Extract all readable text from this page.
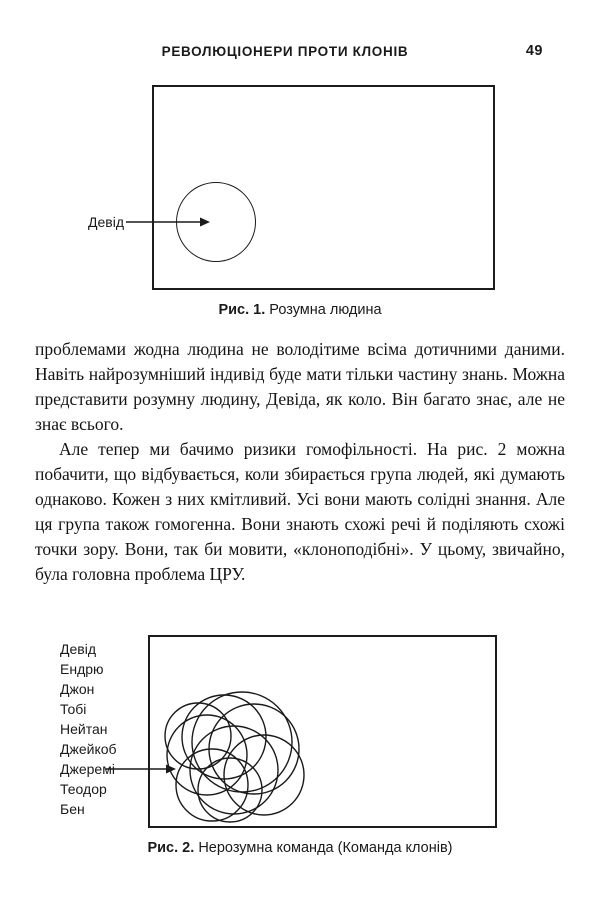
РЕВОЛЮЦІОНЕРИ ПРОТИ КЛОНІВ	49
Девід
Рис. 1. Розумна людина

проблемами жодна людина не володітиме всіма дотичними даними. Навіть найрозумніший індивід буде мати тільки частину знань. Можна представити розумну людину, Девіда, як коло. Він багато знає, але не знає всього.

Але тепер ми бачимо ризики гомофільності. На рис. 2 можна побачити, що відбувається, коли збирається група людей, які думають однаково. Кожен з них кмітливий. Усі вони мають солідні знання. Але ця група також гомогенна. Вони знають схожі речі й поділяють схожі точки зору. Вони, так би мовити, «клоноподібні». У цьому, звичайно, була головна проблема ЦРУ.

Девід
Ендрю
Джон
Тобі
Нейтан
Джейкоб
Джеремі
Теодор
Бен
Рис. 2. Нерозумна команда (Команда клонів)
